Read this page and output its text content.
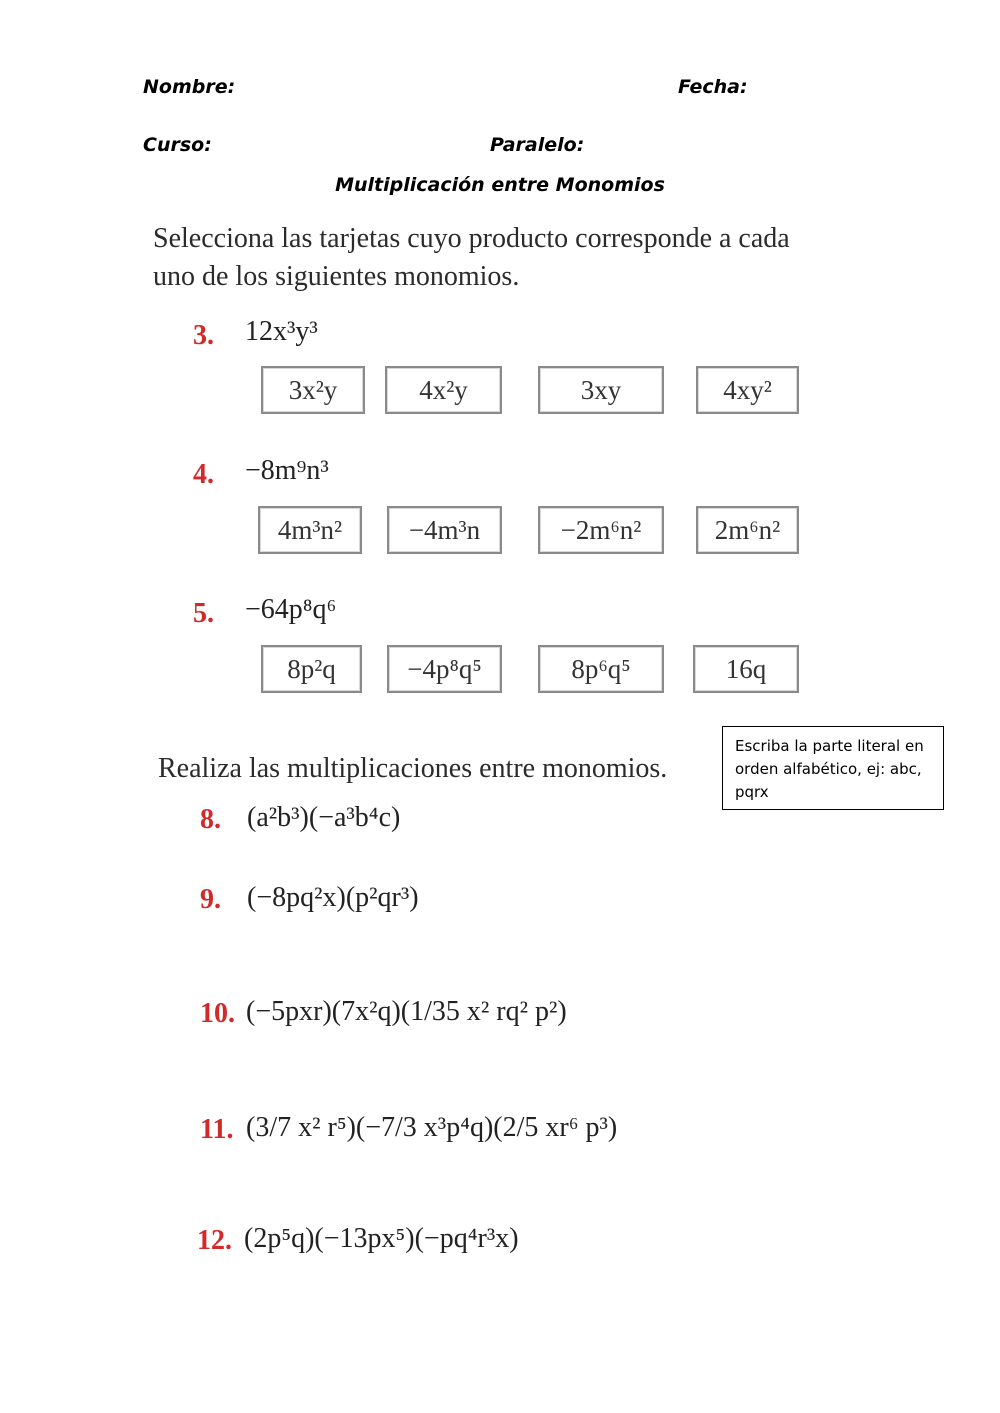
Nombre:	Fecha:
Curso:	Paralelo:
Multiplicación entre Monomios
Selecciona las tarjetas cuyo producto corresponde a cada
uno de los siguientes monomios.
3. 12x³y³
3x²y	4x²y	3xy	4xy²
4. −8m⁹n³
4m³n²	−4m³n	−2m⁶n²	2m⁶n²
5. −64p⁸q⁶
8p²q	−4p⁸q⁵	8p⁶q⁵	16q
Realiza las multiplicaciones entre monomios.
Escriba la parte literal en orden alfabético, ej: abc, pqrx
8. (a²b³)(−a³b⁴c)
9. (−8pq²x)(p²qr³)
10. (−5pxr)(7x²q)(1/35 x² rq² p²)
11. (3/7 x² r⁵)(−7/3 x³p⁴q)(2/5 xr⁶ p³)
12. (2p⁵q)(−13px⁵)(−pq⁴r³x)
